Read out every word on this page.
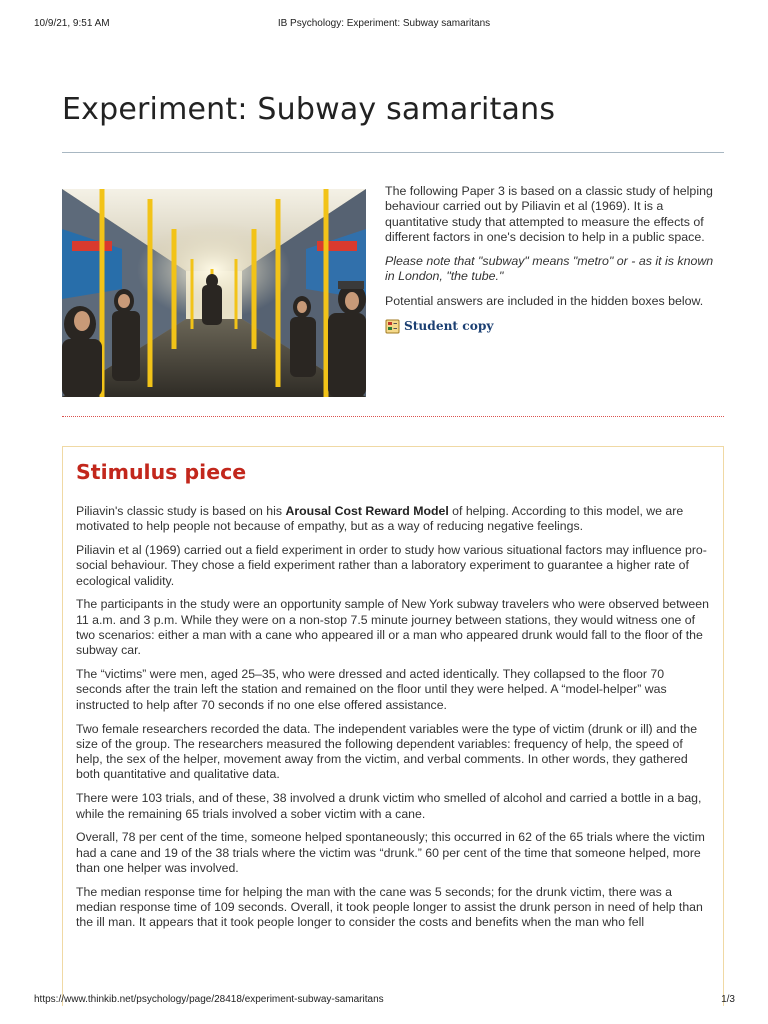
10/9/21, 9:51 AM	IB Psychology: Experiment: Subway samaritans
Experiment: Subway samaritans

The following Paper 3 is based on a classic study of helping behaviour carried out by Piliavin et al (1969). It is a quantitative study that attempted to measure the effects of different factors in one's decision to help in a public space.

Please note that "subway" means "metro" or - as it is known in London, "the tube."

Potential answers are included in the hidden boxes below.

Student copy
Stimulus piece

Piliavin's classic study is based on his Arousal Cost Reward Model of helping. According to this model, we are motivated to help people not because of empathy, but as a way of reducing negative feelings.

Piliavin et al (1969) carried out a field experiment in order to study how various situational factors may influence pro-social behaviour. They chose a field experiment rather than a laboratory experiment to guarantee a higher rate of ecological validity.

The participants in the study were an opportunity sample of New York subway travelers who were observed between 11 a.m. and 3 p.m. While they were on a non-stop 7.5 minute journey between stations, they would witness one of two scenarios: either a man with a cane who appeared ill or a man who appeared drunk would fall to the floor of the subway car.

The “victims” were men, aged 25–35, who were dressed and acted identically. They collapsed to the floor 70 seconds after the train left the station and remained on the floor until they were helped. A “model-helper” was instructed to help after 70 seconds if no one else offered assistance.

Two female researchers recorded the data. The independent variables were the type of victim (drunk or ill) and the size of the group. The researchers measured the following dependent variables: frequency of help, the speed of help, the sex of the helper, movement away from the victim, and verbal comments. In other words, they gathered both quantitative and qualitative data.

There were 103 trials, and of these, 38 involved a drunk victim who smelled of alcohol and carried a bottle in a bag, while the remaining 65 trials involved a sober victim with a cane.

Overall, 78 per cent of the time, someone helped spontaneously; this occurred in 62 of the 65 trials where the victim had a cane and 19 of the 38 trials where the victim was “drunk.” 60 per cent of the time that someone helped, more than one helper was involved.

The median response time for helping the man with the cane was 5 seconds; for the drunk victim, there was a median response time of 109 seconds. Overall, it took people longer to assist the drunk person in need of help than the ill man. It appears that it took people longer to consider the costs and benefits when the man who fell

https://www.thinkib.net/psychology/page/28418/experiment-subway-samaritans	1/3
